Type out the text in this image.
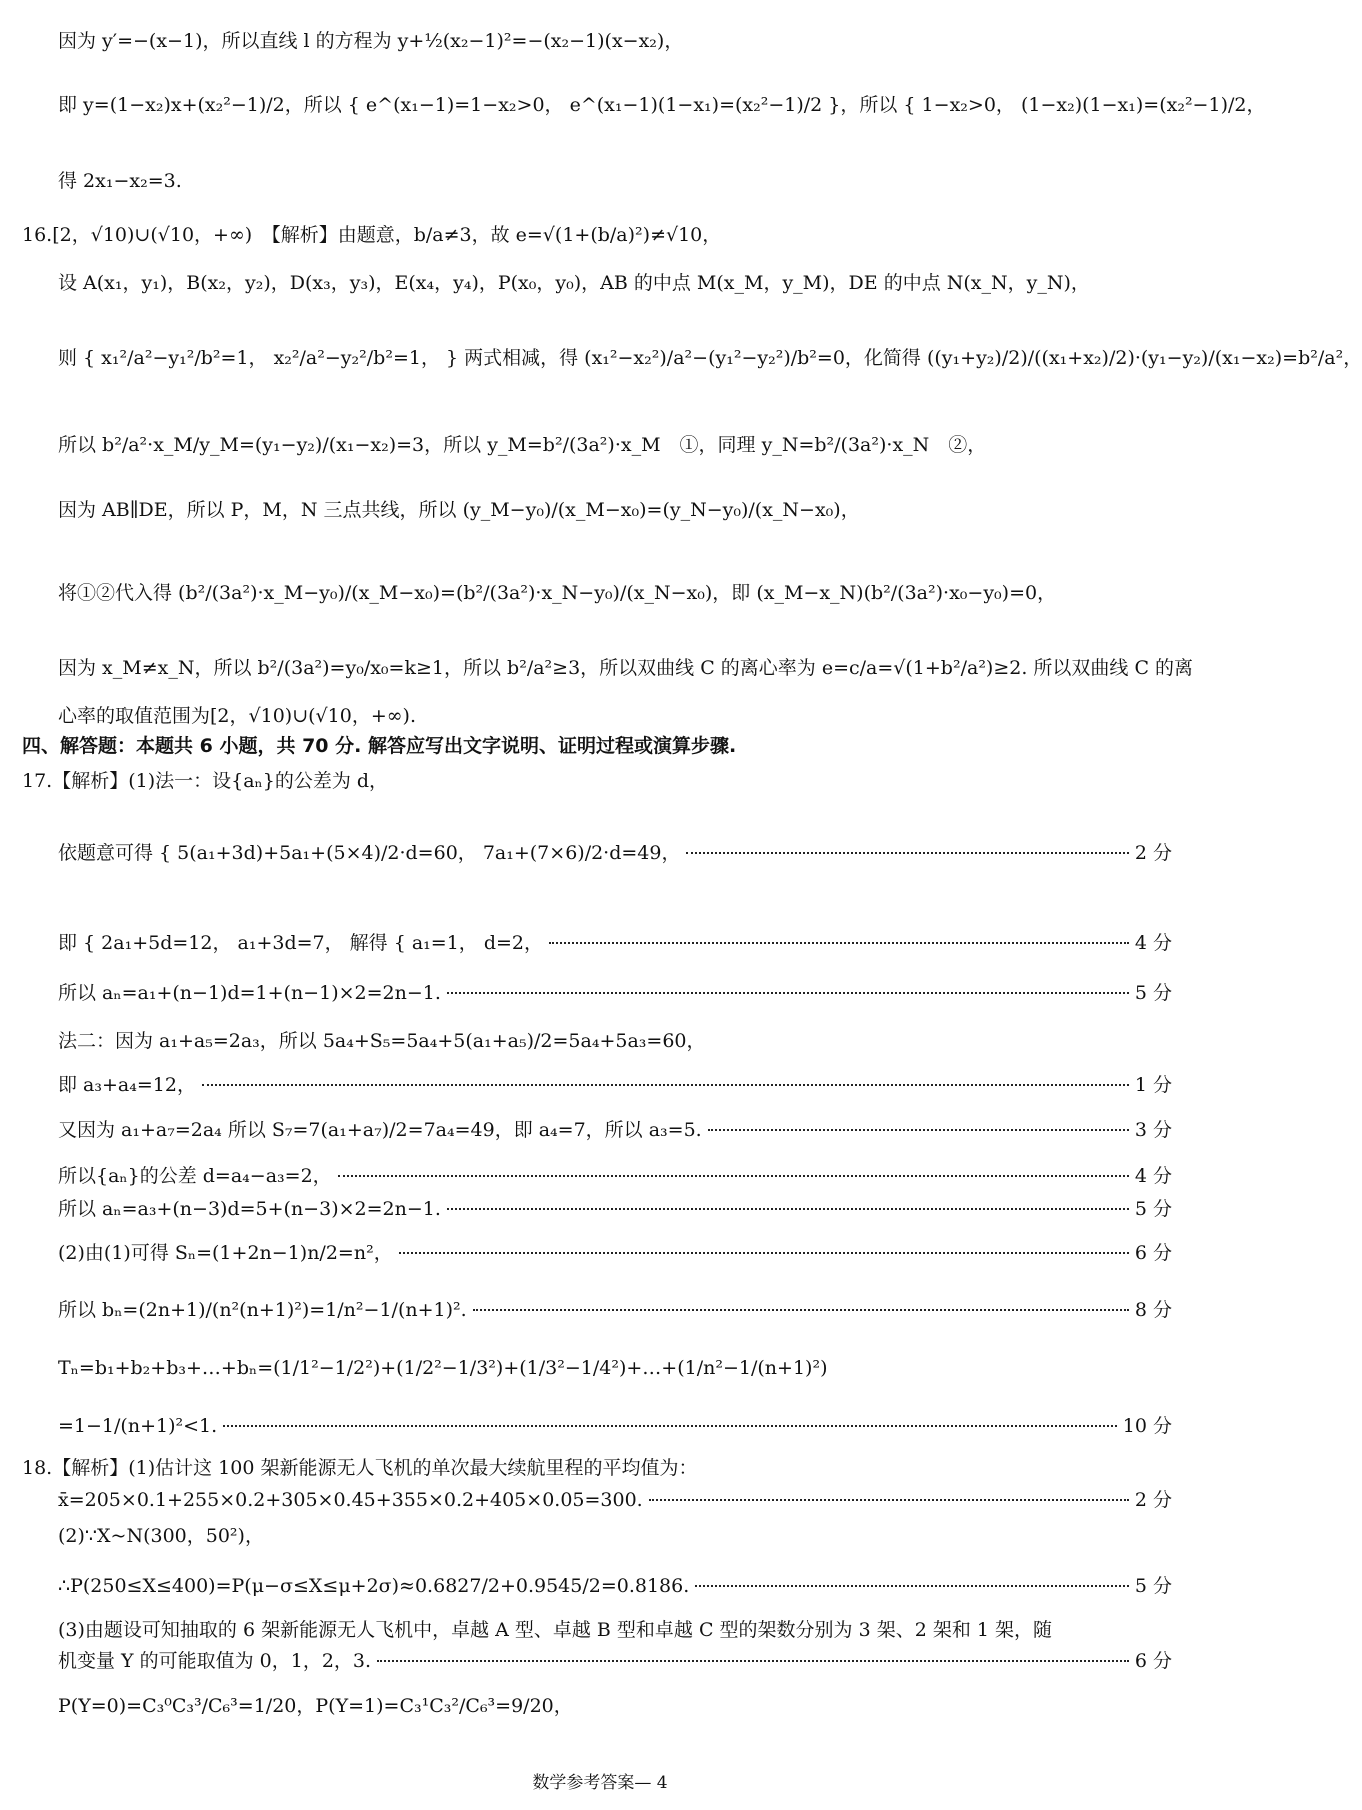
因为 y′=−(x−1)，所以直线 l 的方程为 y+½(x₂−1)²=−(x₂−1)(x−x₂)，
即 y=(1−x₂)x+(x₂²−1)/2，所以 { e^(x₁−1)=1−x₂>0， e^(x₁−1)(1−x₁)=(x₂²−1)/2 }，所以 { 1−x₂>0， (1−x₂)(1−x₁)=(x₂²−1)/2，
得 2x₁−x₂=3.
16.[2，√10)∪(√10，+∞)　【解析】由题意，b/a≠3，故 e=√(1+(b/a)²)≠√10，
设 A(x₁，y₁)，B(x₂，y₂)，D(x₃，y₃)，E(x₄，y₄)，P(x₀，y₀)，AB 的中点 M(x_M，y_M)，DE 的中点 N(x_N，y_N)，
则 { x₁²/a²−y₁²/b²=1， x₂²/a²−y₂²/b²=1， } 两式相减，得 (x₁²−x₂²)/a²−(y₁²−y₂²)/b²=0，化简得 ((y₁+y₂)/2)/((x₁+x₂)/2)·(y₁−y₂)/(x₁−x₂)=b²/a²，
所以 b²/a²·x_M/y_M=(y₁−y₂)/(x₁−x₂)=3，所以 y_M=b²/(3a²)·x_M　①，同理 y_N=b²/(3a²)·x_N　②，
因为 AB∥DE，所以 P，M，N 三点共线，所以 (y_M−y₀)/(x_M−x₀)=(y_N−y₀)/(x_N−x₀)，
将①②代入得 (b²/(3a²)·x_M−y₀)/(x_M−x₀)=(b²/(3a²)·x_N−y₀)/(x_N−x₀)，即 (x_M−x_N)(b²/(3a²)·x₀−y₀)=0，
因为 x_M≠x_N，所以 b²/(3a²)=y₀/x₀=k≥1，所以 b²/a²≥3，所以双曲线 C 的离心率为 e=c/a=√(1+b²/a²)≥2. 所以双曲线 C 的离
心率的取值范围为[2，√10)∪(√10，+∞).
四、解答题：本题共 6 小题，共 70 分. 解答应写出文字说明、证明过程或演算步骤.
17.【解析】(1)法一：设{aₙ}的公差为 d，
法二：因为 a₁+a₅=2a₃，所以 5a₄+S₅=5a₄+5(a₁+a₅)/2=5a₄+5a₃=60，
Tₙ=b₁+b₂+b₃+…+bₙ=(1/1²−1/2²)+(1/2²−1/3²)+(1/3²−1/4²)+…+(1/n²−1/(n+1)²)
18.【解析】(1)估计这 100 架新能源无人飞机的单次最大续航里程的平均值为：
(2)∵X~N(300，50²)，
(3)由题设可知抽取的 6 架新能源无人飞机中，卓越 A 型、卓越 B 型和卓越 C 型的架数分别为 3 架、2 架和 1 架，随
P(Y=0)=C₃⁰C₃³/C₆³=1/20，P(Y=1)=C₃¹C₃²/C₆³=9/20，
依题意可得 { 5(a₁+3d)+5a₁+(5×4)/2·d=60， 7a₁+(7×6)/2·d=49，	2 分
即 { 2a₁+5d=12， a₁+3d=7， 解得 { a₁=1， d=2，	4 分
所以 aₙ=a₁+(n−1)d=1+(n−1)×2=2n−1.	5 分
即 a₃+a₄=12，	1 分
又因为 a₁+a₇=2a₄ 所以 S₇=7(a₁+a₇)/2=7a₄=49，即 a₄=7，所以 a₃=5.	3 分
所以{aₙ}的公差 d=a₄−a₃=2，	4 分
所以 aₙ=a₃+(n−3)d=5+(n−3)×2=2n−1.	5 分
(2)由(1)可得 Sₙ=(1+2n−1)n/2=n²，	6 分
所以 bₙ=(2n+1)/(n²(n+1)²)=1/n²−1/(n+1)².	8 分
=1−1/(n+1)²<1.	10 分
x̄=205×0.1+255×0.2+305×0.45+355×0.2+405×0.05=300.	2 分
∴P(250≤X≤400)=P(μ−σ≤X≤μ+2σ)≈0.6827/2+0.9545/2=0.8186.	5 分
机变量 Y 的可能取值为 0，1，2，3.	6 分
数学参考答案— 4
